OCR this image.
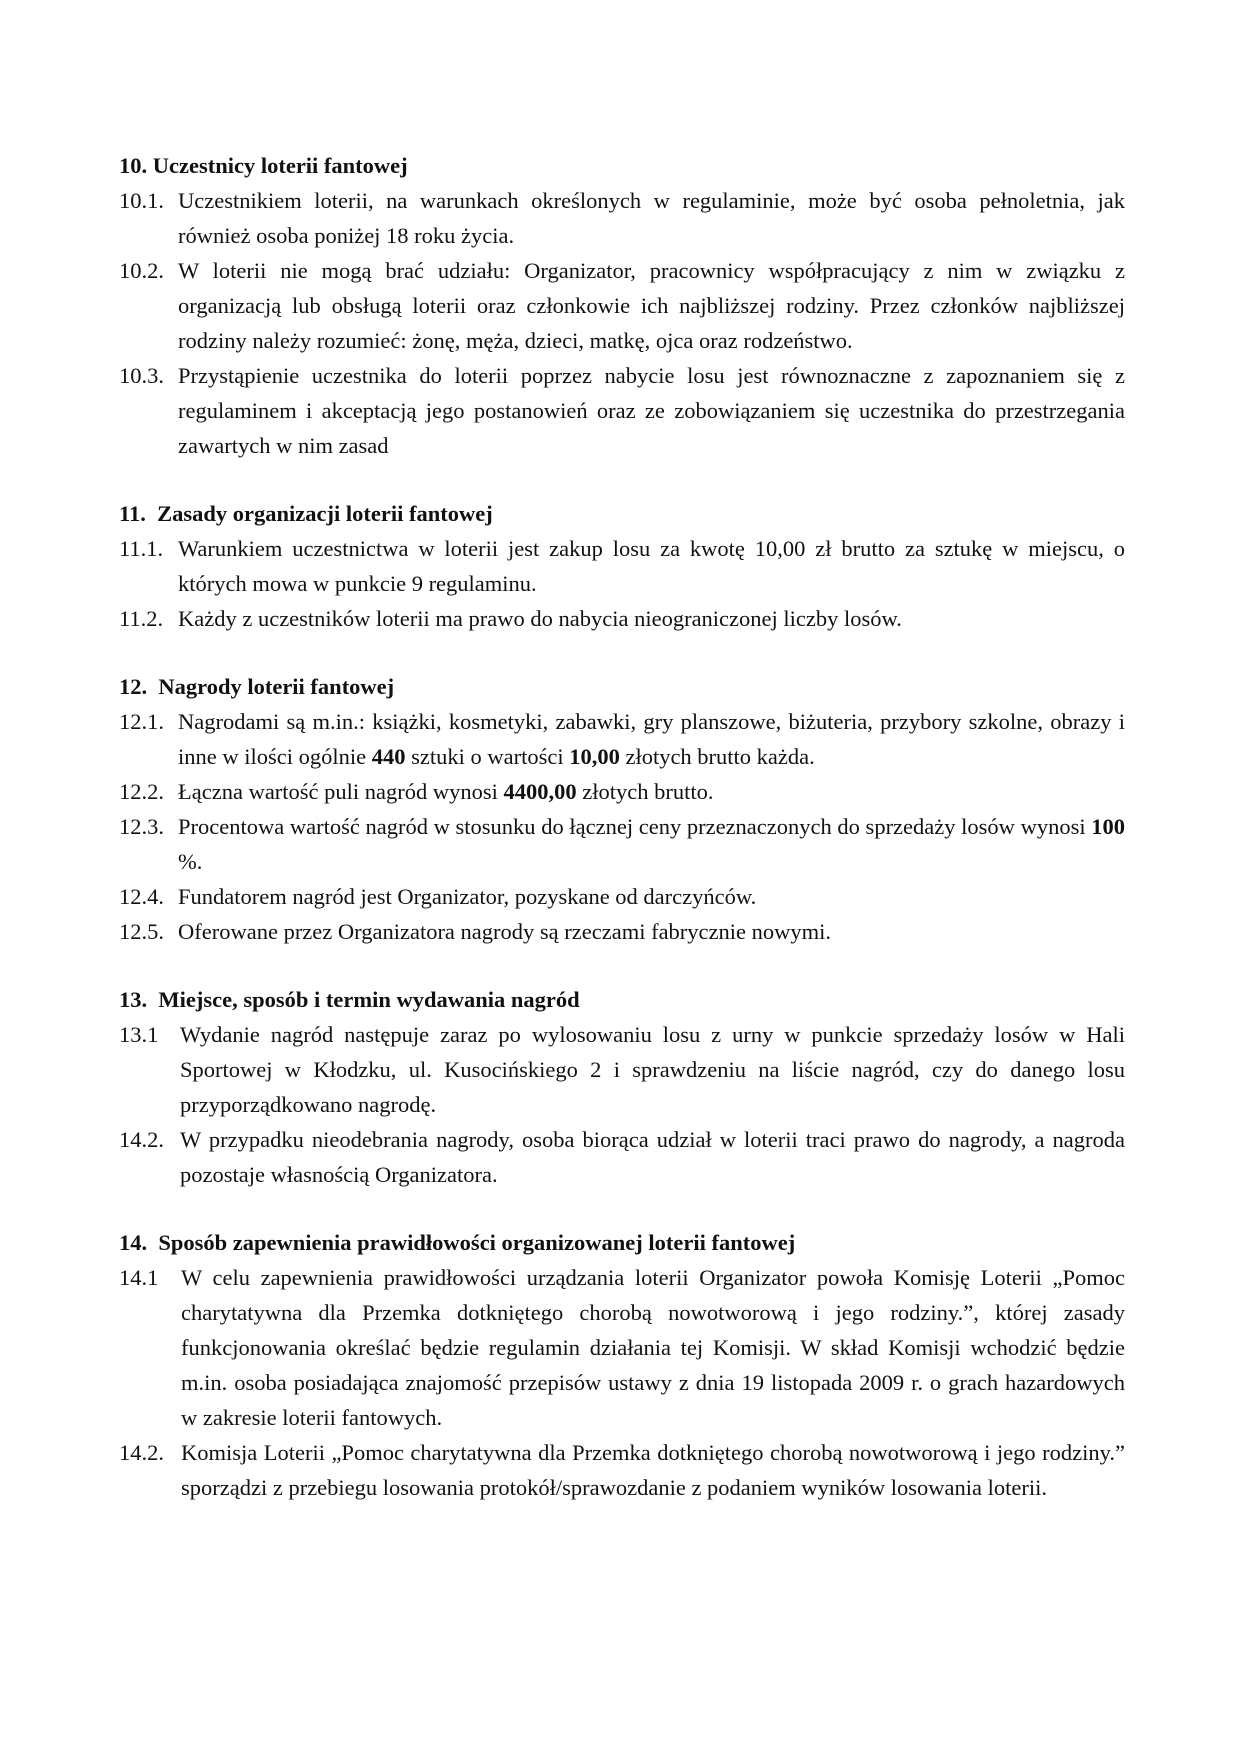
10. Uczestnicy loterii fantowej
10.1. Uczestnikiem loterii, na warunkach określonych w regulaminie, może być osoba pełnoletnia, jak również osoba poniżej 18 roku życia.
10.2. W loterii nie mogą brać udziału: Organizator, pracownicy współpracujący z nim w związku z organizacją lub obsługą loterii oraz członkowie ich najbliższej rodziny. Przez członków najbliższej rodziny należy rozumieć: żonę, męża, dzieci, matkę, ojca oraz rodzeństwo.
10.3. Przystąpienie uczestnika do loterii poprzez nabycie losu jest równoznaczne z zapoznaniem się z regulaminem i akceptacją jego postanowień oraz ze zobowiązaniem się uczestnika do przestrzegania zawartych w nim zasad
11.  Zasady organizacji loterii fantowej
11.1. Warunkiem uczestnictwa w loterii jest zakup losu za kwotę 10,00 zł brutto za sztukę w miejscu, o których mowa w punkcie 9 regulaminu.
11.2. Każdy z uczestników loterii ma prawo do nabycia nieograniczonej liczby losów.
12.  Nagrody loterii fantowej
12.1. Nagrodami są m.in.: książki, kosmetyki, zabawki, gry planszowe, biżuteria, przybory szkolne, obrazy i inne w ilości ogólnie 440 sztuki o wartości 10,00 złotych brutto każda.
12.2. Łączna wartość puli nagród wynosi 4400,00 złotych brutto.
12.3. Procentowa wartość nagród w stosunku do łącznej ceny przeznaczonych do sprzedaży losów wynosi 100 %.
12.4. Fundatorem nagród jest Organizator, pozyskane od darczyńców.
12.5. Oferowane przez Organizatora nagrody są rzeczami fabrycznie nowymi.
13.  Miejsce, sposób i termin wydawania nagród
13.1 Wydanie nagród następuje zaraz po wylosowaniu losu z urny w punkcie sprzedaży losów w Hali Sportowej w Kłodzku, ul. Kusocińskiego 2 i sprawdzeniu na liście nagród, czy do danego losu przyporządkowano nagrodę.
14.2. W przypadku nieodebrania nagrody, osoba biorąca udział w loterii traci prawo do nagrody, a nagroda pozostaje własnością Organizatora.
14.  Sposób zapewnienia prawidłowości organizowanej loterii fantowej
14.1 W celu zapewnienia prawidłowości urządzania loterii Organizator powoła Komisję Loterii „Pomoc charytatywna dla Przemka dotkniętego chorobą nowotworową i jego rodziny.”, której zasady funkcjonowania określać będzie regulamin działania tej Komisji. W skład Komisji wchodzić będzie m.in. osoba posiadająca znajomość przepisów ustawy z dnia 19 listopada 2009 r. o grach hazardowych w zakresie loterii fantowych.
14.2. Komisja Loterii „Pomoc charytatywna dla Przemka dotkniętego chorobą nowotworową i jego rodziny.” sporządzi z przebiegu losowania protokół/sprawozdanie z podaniem wyników losowania loterii.
